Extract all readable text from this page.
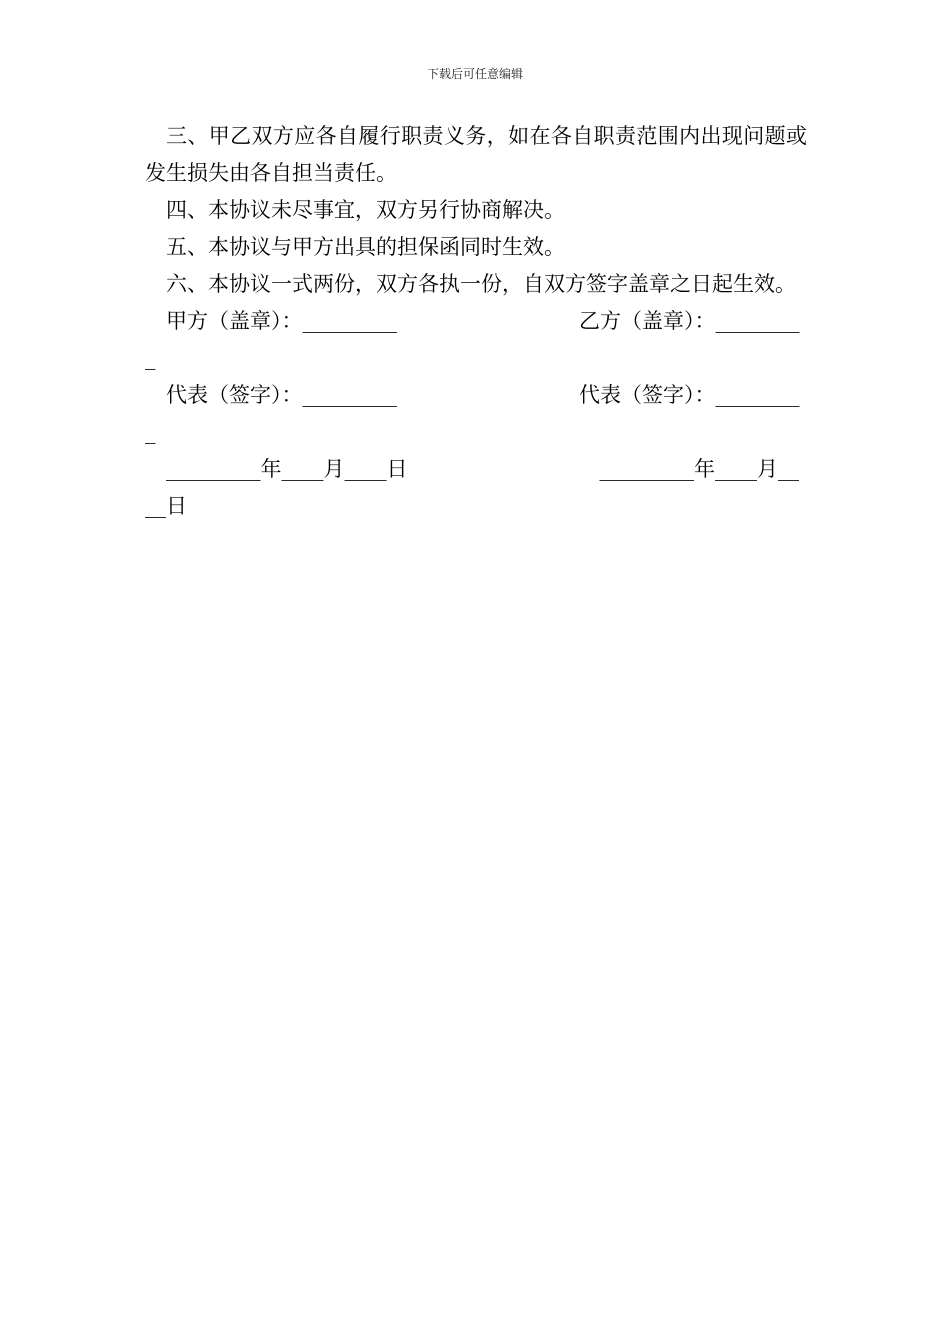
下载后可任意编辑

三、甲乙双方应各自履行职责义务，如在各自职责范围内出现问题或发生损失由各自担当责任。

四、本协议未尽事宜，双方另行协商解决。

五、本协议与甲方出具的担保函同时生效。

六、本协议一式两份，双方各执一份，自双方签字盖章之日起生效。

甲方（盖章）：_________	乙方（盖章）：_________

代表（签字）：_________	代表（签字）：_________

_________年____月____日	_________年____月____日
